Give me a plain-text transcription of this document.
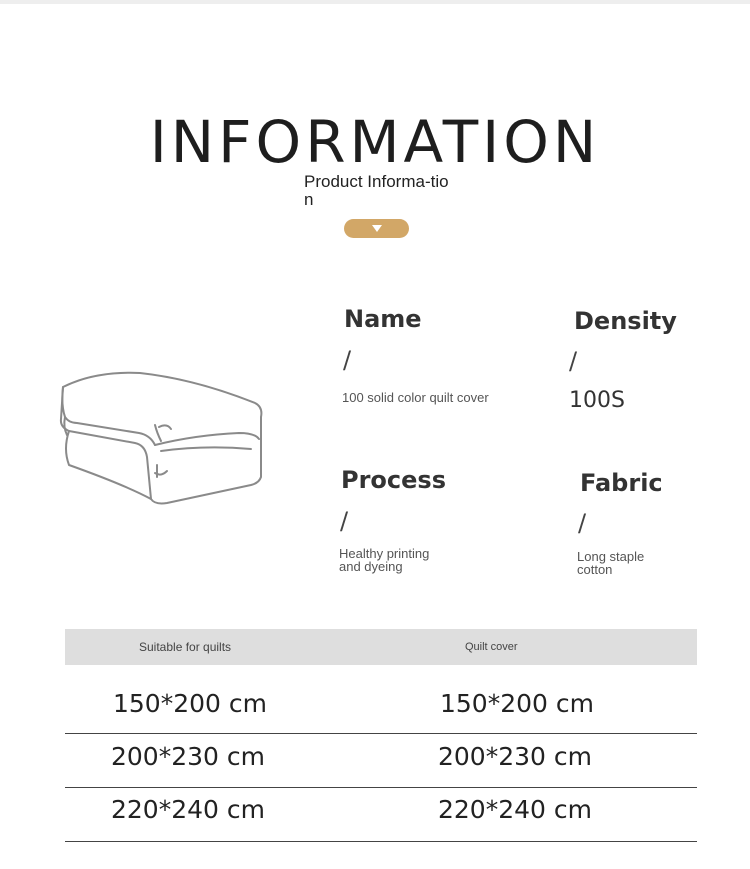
INFORMATION
Product Informa-tion
Name
/
100 solid color quilt cover
Density
/
100S
Process
/
Healthy printing
and dyeing
Fabric
/
Long staple
cotton
Suitable for quilts	Quilt cover
150*200 cm	150*200 cm
200*230 cm	200*230 cm
220*240 cm	220*240 cm
